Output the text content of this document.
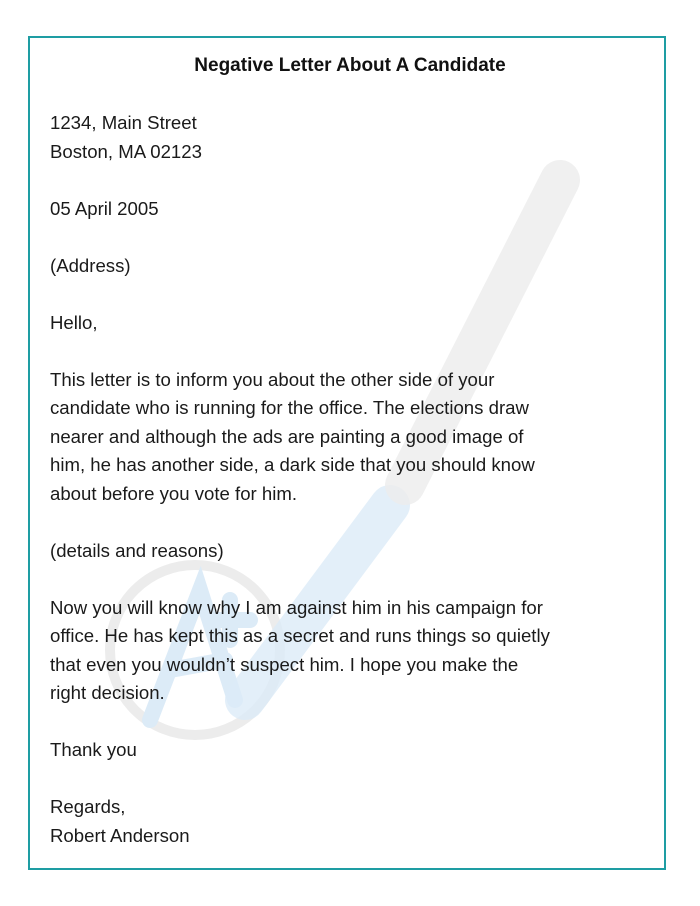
Negative Letter About A Candidate
1234, Main Street
Boston, MA 02123
05 April 2005
(Address)
Hello,
This letter is to inform you about the other side of your
candidate who is running for the office. The elections draw
nearer and although the ads are painting a good image of
him, he has another side, a dark side that you should know
about before you vote for him.
(details and reasons)
Now you will know why I am against him in his campaign for
office. He has kept this as a secret and runs things so quietly
that even you wouldn’t suspect him. I hope you make the
right decision.
Thank you
Regards,
Robert Anderson
